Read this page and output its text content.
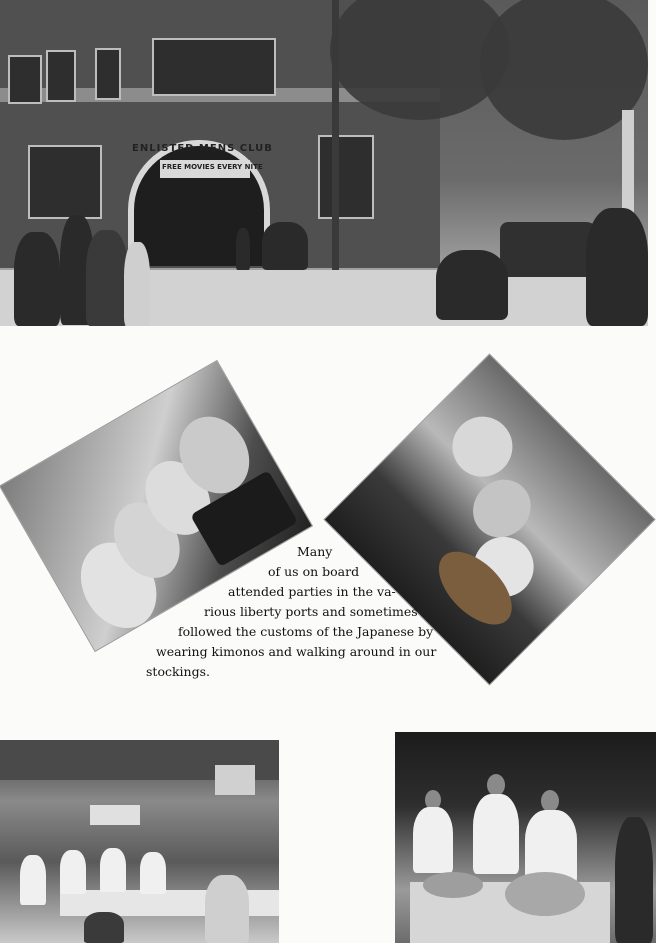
ENLISTED MENS CLUB
FREE MOVIES EVERY NITE
Many
of us on board
attended parties in the va-
rious liberty ports and sometimes
followed the customs of the Japanese by
wearing kimonos and walking around in our
stockings.
